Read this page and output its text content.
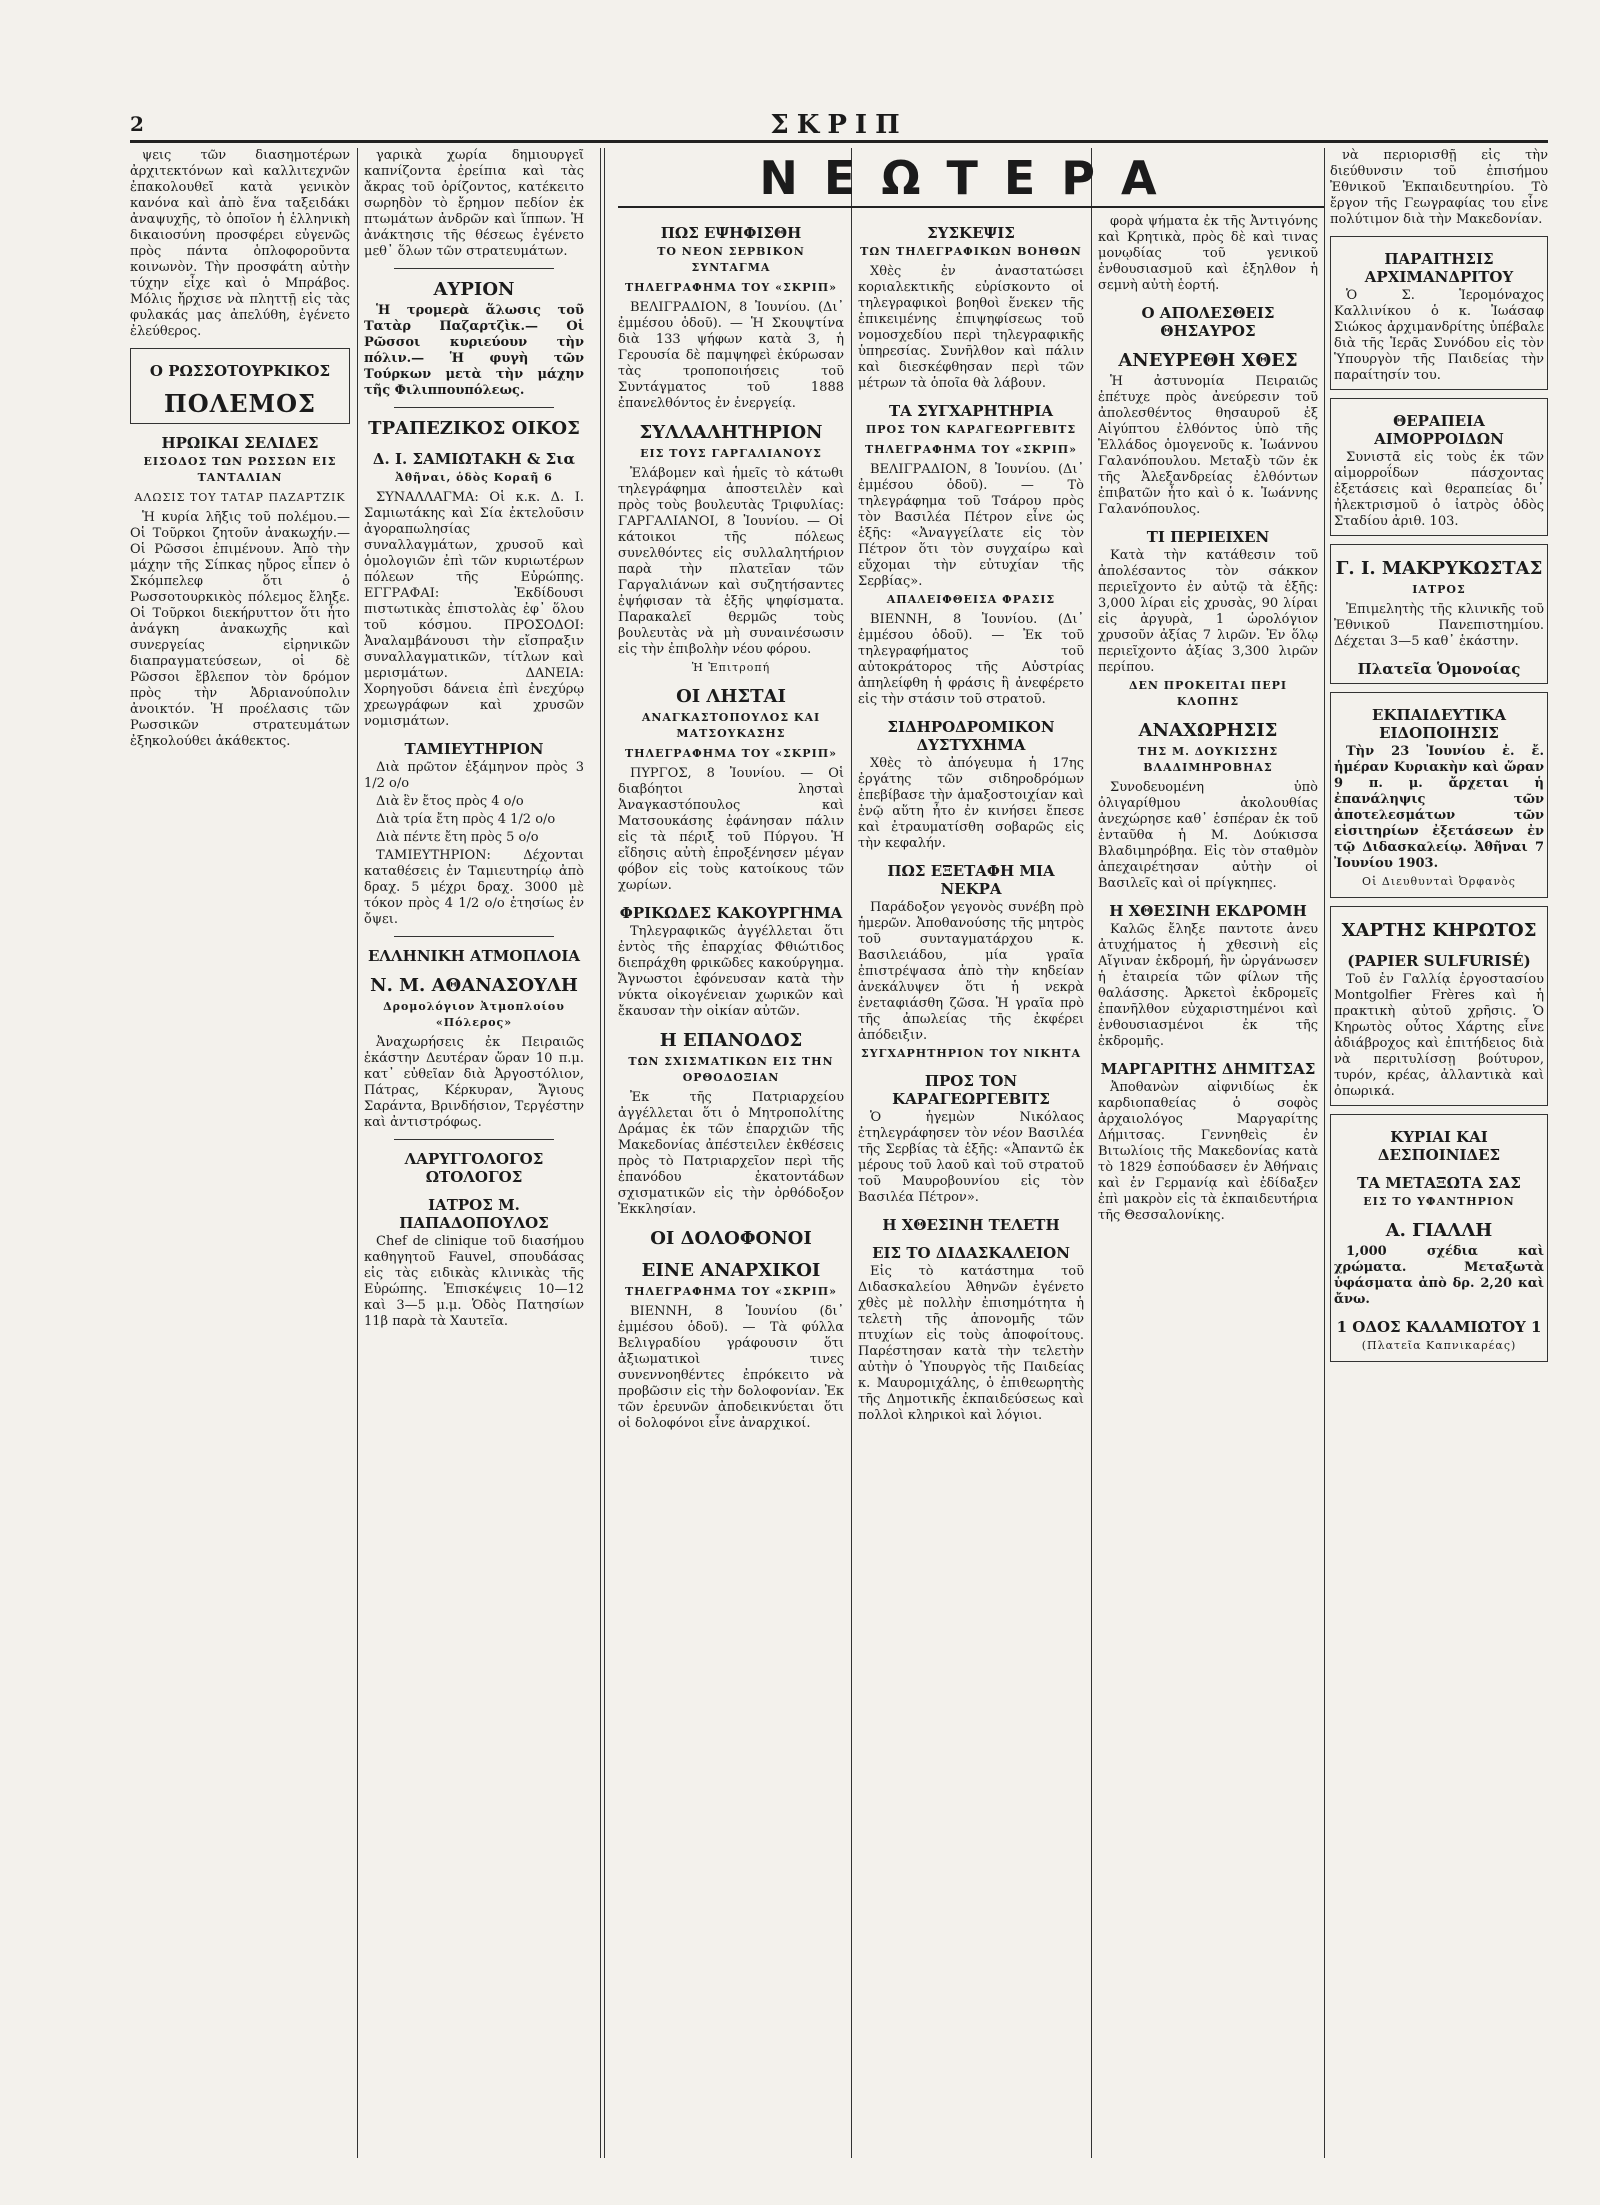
2	ΣΚΡΙΠ
ΝΕΩΤΕΡΑ

ψεις τῶν διασημοτέρων ἀρχιτεκτόνων καὶ καλλιτεχνῶν ἐπακολουθεῖ κατὰ γενικὸν κανόνα καὶ ἀπὸ ἕνα ταξειδάκι ἀναψυχῆς, τὸ ὁποῖον ἡ ἑλληνικὴ δικαιοσύνη προσφέρει εὐγενῶς πρὸς πάντα ὁπλοφοροῦντα κοινωνὸν. Τὴν προσφάτη αὐτὴν τύχην εἶχε καὶ ὁ Μπράβος. Μόλις ἤρχισε νὰ πληττῇ εἰς τὰς φυλακάς μας ἀπελύθη, ἐγένετο ἐλεύθερος.

Ο ΡΩΣΣΟΤΟΥΡΚΙΚΟΣ
ΠΟΛΕΜΟΣ
ΗΡΩΙΚΑΙ ΣΕΛΙΔΕΣ
ΕΙΣΟΔΟΣ ΤΩΝ ΡΩΣΣΩΝ ΕΙΣ ΤΑΝΤΑΛΙΑΝ
ΑΛΩΣΙΣ ΤΟΥ ΤΑΤΑΡ ΠΑΖΑΡΤΖΙΚ

Ἡ κυρία λῆξις τοῦ πολέμου.— Οἱ Τοῦρκοι ζητοῦν ἀνακωχήν.— Οἱ Ρῶσσοι ἐπιμένουν. Ἀπὸ τὴν μάχην τῆς Σίπκας ηὔρος εἶπεν ὁ Σκόμπελεφ ὅτι ὁ Ρωσσοτουρκικὸς πόλεμος ἔληξε. Οἱ Τοῦρκοι διεκήρυττον ὅτι ἦτο ἀνάγκη ἀνακωχῆς καὶ συνεργείας εἰρηνικῶν διαπραγματεύσεων, οἱ δὲ Ρῶσσοι ἔβλεπον τὸν δρόμον πρὸς τὴν Ἀδριανούπολιν ἀνοικτόν. Ἡ προέλασις τῶν Ρωσσικῶν στρατευμάτων ἐξηκολούθει ἀκάθεκτος.

γαρικὰ χωρία δημιουργεῖ καπνίζοντα ἐρείπια καὶ τὰς ἄκρας τοῦ ὁρίζοντος, κατέκειτο σωρηδὸν τὸ ἔρημον πεδίον ἐκ πτωμάτων ἀνδρῶν καὶ ἵππων. Ἡ ἀνάκτησις τῆς θέσεως ἐγένετο μεθ᾽ ὅλων τῶν στρατευμάτων.

ΑΥΡΙΟΝ

Ἡ τρομερὰ ἅλωσις τοῦ Τατὰρ Παζαρτζὶκ.— Οἱ Ρῶσσοι κυριεύουν τὴν πόλιν.— Ἡ φυγὴ τῶν Τούρκων μετὰ τὴν μάχην τῆς Φιλιππουπόλεως.

ΤΡΑΠΕΖΙΚΟΣ ΟΙΚΟΣ
Δ. Ι. ΣΑΜΙΩΤΑΚΗ & Σια
Ἀθῆναι, ὁδὸς Κοραῆ 6

ΣΥΝΑΛΛΑΓΜΑ: Οἱ κ.κ. Δ. Ι. Σαμιωτάκης καὶ Σία ἐκτελοῦσιν ἀγοραπωλησίας συναλλαγμάτων, χρυσοῦ καὶ ὁμολογιῶν ἐπὶ τῶν κυριωτέρων πόλεων τῆς Εὐρώπης. ΕΓΓΡΑΦΑΙ: Ἐκδίδουσι πιστωτικὰς ἐπιστολὰς ἐφ᾽ ὅλου τοῦ κόσμου. ΠΡΟΣΟΔΟΙ: Ἀναλαμβάνουσι τὴν εἴσπραξιν συναλλαγματικῶν, τίτλων καὶ μερισμάτων. ΔΑΝΕΙΑ: Χορηγοῦσι δάνεια ἐπὶ ἐνεχύρῳ χρεωγράφων καὶ χρυσῶν νομισμάτων.

ΤΑΜΙΕΥΤΗΡΙΟΝ

Διὰ πρῶτον ἑξάμηνον πρὸς 3 1/2 ο/ο

Διὰ ἓν ἔτος πρὸς 4 ο/ο

Διὰ τρία ἔτη πρὸς 4 1/2 ο/ο

Διὰ πέντε ἔτη πρὸς 5 ο/ο

ΤΑΜΙΕΥΤΗΡΙΟΝ: Δέχονται καταθέσεις ἐν Ταμιευτηρίῳ ἀπὸ δραχ. 5 μέχρι δραχ. 3000 μὲ τόκον πρὸς 4 1/2 ο/ο ἐτησίως ἐν ὄψει.

ΕΛΛΗΝΙΚΗ ΑΤΜΟΠΛΟΙΑ
Ν. Μ. ΑΘΑΝΑΣΟΥΛΗ
Δρομολόγιον Ἀτμοπλοίου «Πόλερος»

Ἀναχωρήσεις ἐκ Πειραιῶς ἑκάστην Δευτέραν ὥραν 10 π.μ. κατ᾽ εὐθεῖαν διὰ Ἀργοστόλιον, Πάτρας, Κέρκυραν, Ἄγιους Σαράντα, Βρινδήσιον, Τεργέστην καὶ ἀντιστρόφως.

ΛΑΡΥΓΓΟΛΟΓΟΣ ΩΤΟΛΟΓΟΣ
ΙΑΤΡΟΣ Μ. ΠΑΠΑΔΟΠΟΥΛΟΣ

Chef de clinique τοῦ διασήμου καθηγητοῦ Fauvel, σπουδάσας εἰς τὰς ειδικὰς κλινικὰς τῆς Εὐρώπης. Ἐπισκέψεις 10—12 καὶ 3—5 μ.μ. Ὁδὸς Πατησίων 11β παρὰ τὰ Χαυτεῖα.

ΠΩΣ ΕΨΗΦΙΣΘΗ
ΤΟ ΝΕΟΝ ΣΕΡΒΙΚΟΝ ΣΥΝΤΑΓΜΑ
ΤΗΛΕΓΡΑΦΗΜΑ ΤΟΥ «ΣΚΡΙΠ»

ΒΕΛΙΓΡΑΔΙΟΝ, 8 Ἰουνίου. (Δι᾽ ἐμμέσου ὁδοῦ). — Ἡ Σκουψτίνα διὰ 133 ψήφων κατὰ 3, ἡ Γερουσία δὲ παμψηφεὶ ἐκύρωσαν τὰς τροποποιήσεις τοῦ Συντάγματος τοῦ 1888 ἐπανελθόντος ἐν ἐνεργείᾳ.

ΣΥΛΛΑΛΗΤΗΡΙΟΝ
ΕΙΣ ΤΟΥΣ ΓΑΡΓΑΛΙΑΝΟΥΣ

Ἐλάβομεν καὶ ἡμεῖς τὸ κάτωθι τηλεγράφημα ἀποστειλὲν καὶ πρὸς τοὺς βουλευτὰς Τριφυλίας: ΓΑΡΓΑΛΙΑΝΟΙ, 8 Ἰουνίου. — Οἱ κάτοικοι τῆς πόλεως συνελθόντες εἰς συλλαλητήριον παρὰ τὴν πλατεῖαν τῶν Γαργαλιάνων καὶ συζητήσαντες ἐψήφισαν τὰ ἑξῆς ψηφίσματα. Παρακαλεῖ θερμῶς τοὺς βουλευτὰς νὰ μὴ συναινέσωσιν εἰς τὴν ἐπιβολὴν νέου φόρου.

Ἡ Ἐπιτροπή
ΟΙ ΛΗΣΤΑΙ
ΑΝΑΓΚΑΣΤΟΠΟΥΛΟΣ ΚΑΙ ΜΑΤΣΟΥΚΑΣΗΣ
ΤΗΛΕΓΡΑΦΗΜΑ ΤΟΥ «ΣΚΡΙΠ»

ΠΥΡΓΟΣ, 8 Ἰουνίου. — Οἱ διαβόητοι λησταὶ Ἀναγκαστόπουλος καὶ Ματσουκάσης ἐφάνησαν πάλιν εἰς τὰ πέριξ τοῦ Πύργου. Ἡ εἴδησις αὐτὴ ἐπροξένησεν μέγαν φόβον εἰς τοὺς κατοίκους τῶν χωρίων.

ΦΡΙΚΩΔΕΣ ΚΑΚΟΥΡΓΗΜΑ

Τηλεγραφικῶς ἀγγέλλεται ὅτι ἐντὸς τῆς ἐπαρχίας Φθιώτιδος διεπράχθη φρικῶδες κακούργημα. Ἄγνωστοι ἐφόνευσαν κατὰ τὴν νύκτα οἰκογένειαν χωρικῶν καὶ ἔκαυσαν τὴν οἰκίαν αὐτῶν.

Η ΕΠΑΝΟΔΟΣ
ΤΩΝ ΣΧΙΣΜΑΤΙΚΩΝ ΕΙΣ ΤΗΝ ΟΡΘΟΔΟΞΙΑΝ

Ἐκ τῆς Πατριαρχείου ἀγγέλλεται ὅτι ὁ Μητροπολίτης Δράμας ἐκ τῶν ἐπαρχιῶν τῆς Μακεδονίας ἀπέστειλεν ἐκθέσεις πρὸς τὸ Πατριαρχεῖον περὶ τῆς ἐπανόδου ἑκατοντάδων σχισματικῶν εἰς τὴν ὀρθόδοξον Ἐκκλησίαν.

ΟΙ ΔΟΛΟΦΟΝΟΙ
ΕΙΝΕ ΑΝΑΡΧΙΚΟΙ
ΤΗΛΕΓΡΑΦΗΜΑ ΤΟΥ «ΣΚΡΙΠ»

ΒΙΕΝΝΗ, 8 Ἰουνίου (δι᾽ ἐμμέσου ὁδοῦ). — Τὰ φύλλα Βελιγραδίου γράφουσιν ὅτι ἀξιωματικοὶ τινες συνεννοηθέντες ἐπρόκειτο νὰ προβῶσιν εἰς τὴν δολοφονίαν. Ἐκ τῶν ἐρευνῶν ἀποδεικνύεται ὅτι οἱ δολοφόνοι εἶνε ἀναρχικοί.

ΣΥΣΚΕΨΙΣ
ΤΩΝ ΤΗΛΕΓΡΑΦΙΚΩΝ ΒΟΗΘΩΝ

Χθὲς ἐν ἀναστατώσει κοριαλεκτικῆς εὑρίσκοντο οἱ τηλεγραφικοὶ βοηθοὶ ἕνεκεν τῆς ἐπικειμένης ἐπιψηφίσεως τοῦ νομοσχεδίου περὶ τηλεγραφικῆς ὑπηρεσίας. Συνῆλθον καὶ πάλιν καὶ διεσκέφθησαν περὶ τῶν μέτρων τὰ ὁποῖα θὰ λάβουν.

ΤΑ ΣΥΓΧΑΡΗΤΗΡΙΑ
ΠΡΟΣ ΤΟΝ ΚΑΡΑΓΕΩΡΓΕΒΙΤΣ
ΤΗΛΕΓΡΑΦΗΜΑ ΤΟΥ «ΣΚΡΙΠ»

ΒΕΛΙΓΡΑΔΙΟΝ, 8 Ἰουνίου. (Δι᾽ ἐμμέσου ὁδοῦ). — Τὸ τηλεγράφημα τοῦ Τσάρου πρὸς τὸν Βασιλέα Πέτρον εἶνε ὡς ἑξῆς: «Ἀναγγείλατε εἰς τὸν Πέτρον ὅτι τὸν συγχαίρω καὶ εὔχομαι τὴν εὐτυχίαν τῆς Σερβίας».

ΑΠΑΛΕΙΦΘΕΙΣΑ ΦΡΑΣΙΣ

ΒΙΕΝΝΗ, 8 Ἰουνίου. (Δι᾽ ἐμμέσου ὁδοῦ). — Ἐκ τοῦ τηλεγραφήματος τοῦ αὐτοκράτορος τῆς Αὐστρίας ἀπηλείφθη ἡ φράσις ἣ ἀνεφέρετο εἰς τὴν στάσιν τοῦ στρατοῦ.

ΣΙΔΗΡΟΔΡΟΜΙΚΟΝ ΔΥΣΤΥΧΗΜΑ

Χθὲς τὸ ἀπόγευμα ἡ 17ης ἐργάτης τῶν σιδηροδρόμων ἐπεβίβασε τὴν ἁμαξοστοιχίαν καὶ ἐνῷ αὕτη ἦτο ἐν κινήσει ἔπεσε καὶ ἐτραυματίσθη σοβαρῶς εἰς τὴν κεφαλήν.

ΠΩΣ ΕΞΕΤΑΦΗ ΜΙΑ ΝΕΚΡΑ

Παράδοξον γεγονὸς συνέβη πρὸ ἡμερῶν. Ἀποθανούσης τῆς μητρὸς τοῦ συνταγματάρχου κ. Βασιλειάδου, μία γραῖα ἐπιστρέψασα ἀπὸ τὴν κηδείαν ἀνεκάλυψεν ὅτι ἡ νεκρὰ ἐνεταφιάσθη ζῶσα. Ἡ γραῖα πρὸ τῆς ἀπωλείας τῆς ἐκφέρει ἀπόδειξιν.

ΣΥΓΧΑΡΗΤΗΡΙΟΝ ΤΟΥ ΝΙΚΗΤΑ
ΠΡΟΣ ΤΟΝ ΚΑΡΑΓΕΩΡΓΕΒΙΤΣ

Ὁ ἡγεμὼν Νικόλαος ἐτηλεγράφησεν τὸν νέον Βασιλέα τῆς Σερβίας τὰ ἑξῆς: «Ἀπαντῶ ἐκ μέρους τοῦ λαοῦ καὶ τοῦ στρατοῦ τοῦ Μαυροβουνίου εἰς τὸν Βασιλέα Πέτρον».

Η ΧΘΕΣΙΝΗ ΤΕΛΕΤΗ
ΕΙΣ ΤΟ ΔΙΔΑΣΚΑΛΕΙΟΝ

Εἰς τὸ κατάστημα τοῦ Διδασκαλείου Ἀθηνῶν ἐγένετο χθὲς μὲ πολλὴν ἐπισημότητα ἡ τελετὴ τῆς ἀπονομῆς τῶν πτυχίων εἰς τοὺς ἀποφοίτους. Παρέστησαν κατὰ τὴν τελετὴν αὐτὴν ὁ Ὑπουργὸς τῆς Παιδείας κ. Μαυρομιχάλης, ὁ ἐπιθεωρητὴς τῆς Δημοτικῆς ἐκπαιδεύσεως καὶ πολλοὶ κληρικοὶ καὶ λόγιοι.

φορὰ ψήματα ἐκ τῆς Ἀντιγόνης καὶ Κρητικὰ, πρὸς δὲ καὶ τινας μονῳδίας τοῦ γενικοῦ ἐνθουσιασμοῦ καὶ ἐξηλθον ἡ σεμνὴ αὐτὴ ἑορτή.

Ο ΑΠΟΛΕΣΘΕΙΣ ΘΗΣΑΥΡΟΣ
ΑΝΕΥΡΕΘΗ ΧΘΕΣ

Ἡ ἀστυνομία Πειραιῶς ἐπέτυχε πρὸς ἀνεύρεσιν τοῦ ἀπολεσθέντος θησαυροῦ ἐξ Αἰγύπτου ἐλθόντος ὑπὸ τῆς Ἑλλάδος ὁμογενοῦς κ. Ἰωάννου Γαλανόπουλου. Μεταξὺ τῶν ἐκ τῆς Ἀλεξανδρείας ἐλθόντων ἐπιβατῶν ἦτο καὶ ὁ κ. Ἰωάννης Γαλανόπουλος.

ΤΙ ΠΕΡΙΕΙΧΕΝ

Κατὰ τὴν κατάθεσιν τοῦ ἀπολέσαντος τὸν σάκκον περιεῖχοντο ἐν αὐτῷ τὰ ἑξῆς: 3,000 λίραι εἰς χρυσὰς, 90 λίραι εἰς ἀργυρὰ, 1 ὡρολόγιον χρυσοῦν ἀξίας 7 λιρῶν. Ἐν ὅλῳ περιεῖχοντο ἀξίας 3,300 λιρῶν περίπου.

ΔΕΝ ΠΡΟΚΕΙΤΑΙ ΠΕΡΙ ΚΛΟΠΗΣ
ΑΝΑΧΩΡΗΣΙΣ
ΤΗΣ Μ. ΔΟΥΚΙΣΣΗΣ ΒΛΑΔΙΜΗΡΟΒΗΑΣ

Συνοδευομένη ὑπὸ ὀλιγαρίθμου ἀκολουθίας ἀνεχώρησε καθ᾽ ἑσπέραν ἐκ τοῦ ἐνταῦθα ἡ Μ. Δούκισσα Βλαδιμηρόβηα. Εἰς τὸν σταθμὸν ἀπεχαιρέτησαν αὐτὴν οἱ Βασιλεῖς καὶ οἱ πρίγκηπες.

Η ΧΘΕΣΙΝΗ ΕΚΔΡΟΜΗ

Καλῶς ἔληξε παντοτε ἀνευ ἀτυχήματος ἡ χθεσινὴ εἰς Αἴγιναν ἐκδρομή, ἣν ὠργάνωσεν ἡ ἐταιρεία τῶν φίλων τῆς θαλάσσης. Ἀρκετοὶ ἐκδρομεῖς ἐπανῆλθον εὐχαριστημένοι καὶ ἐνθουσιασμένοι ἐκ τῆς ἐκδρομῆς.

ΜΑΡΓΑΡΙΤΗΣ ΔΗΜΙΤΣΑΣ

Ἀποθανὼν αἰφνιδίως ἐκ καρδιοπαθείας ὁ σοφὸς ἀρχαιολόγος Μαργαρίτης Δήμιτσας. Γεννηθεὶς ἐν Βιτωλίοις τῆς Μακεδονίας κατὰ τὸ 1829 ἐσπούδασεν ἐν Ἀθήναις καὶ ἐν Γερμανίᾳ καὶ ἐδίδαξεν ἐπὶ μακρὸν εἰς τὰ ἐκπαιδευτήρια τῆς Θεσσαλονίκης.

νὰ περιορισθῇ εἰς τὴν διεύθυνσιν τοῦ ἐπισήμου Ἐθνικοῦ Ἐκπαιδευτηρίου. Τὸ ἔργον τῆς Γεωγραφίας του εἶνε πολύτιμον διὰ τὴν Μακεδονίαν.

ΠΑΡΑΙΤΗΣΙΣ ΑΡΧΙΜΑΝΔΡΙΤΟΥ

Ὁ Σ. Ἱερομόναχος Καλλινίκου ὁ κ. Ἰωάσαφ Σιώκος ἀρχιμανδρίτης ὑπέβαλε διὰ τῆς Ἱερᾶς Συνόδου εἰς τὸν Ὑπουργὸν τῆς Παιδείας τὴν παραίτησίν του.

ΘΕΡΑΠΕΙΑ ΑΙΜΟΡΡΟΙΔΩΝ

Συνιστᾶ εἰς τοὺς ἐκ τῶν αἱμορροΐδων πάσχοντας ἐξετάσεις καὶ θεραπείας δι᾽ ἠλεκτρισμοῦ ὁ ἰατρὸς ὁδὸς Σταδίου ἀριθ. 103.

Γ. Ι. ΜΑΚΡΥΚΩΣΤΑΣ
ΙΑΤΡΟΣ

Ἐπιμελητὴς τῆς κλινικῆς τοῦ Ἐθνικοῦ Πανεπιστημίου. Δέχεται 3—5 καθ᾽ ἑκάστην.

Πλατεῖα Ὁμονοίας
ΕΚΠΑΙΔΕΥΤΙΚΑ ΕΙΔΟΠΟΙΗΣΙΣ

Τὴν 23 Ἰουνίου ἐ. ἔ. ἡμέραν Κυριακὴν καὶ ὥραν 9 π. μ. ἄρχεται ἡ ἐπανάληψις τῶν ἀποτελεσμάτων τῶν εἰσιτηρίων ἐξετάσεων ἐν τῷ Διδασκαλείῳ. Ἀθῆναι 7 Ἰουνίου 1903.

Οἱ Διευθυνταὶ Ὀρφανὸς
ΧΑΡΤΗΣ ΚΗΡΩΤΟΣ
(PAPIER SULFURISÉ)

Τοῦ ἐν Γαλλίᾳ ἐργοστασίου Montgolfier Frères καὶ ἡ πρακτικὴ αὐτοῦ χρῆσις. Ὁ Κηρωτὸς οὗτος Χάρτης εἶνε ἀδιάβροχος καὶ ἐπιτήδειος διὰ νὰ περιτυλίσσῃ βούτυρον, τυρόν, κρέας, ἀλλαντικὰ καὶ ὀπωρικά.

ΚΥΡΙΑΙ ΚΑΙ ΔΕΣΠΟΙΝΙΔΕΣ
ΤΑ ΜΕΤΑΞΩΤΑ ΣΑΣ
ΕΙΣ ΤΟ ΥΦΑΝΤΗΡΙΟΝ
Α. ΓΙΑΛΛΗ

1,000 σχέδια καὶ χρώματα. Μεταξωτὰ ὑφάσματα ἀπὸ δρ. 2,20 καὶ ἄνω.

1 ΟΔΟΣ ΚΑΛΑΜΙΩΤΟΥ 1
(Πλατεῖα Καπνικαρέας)
